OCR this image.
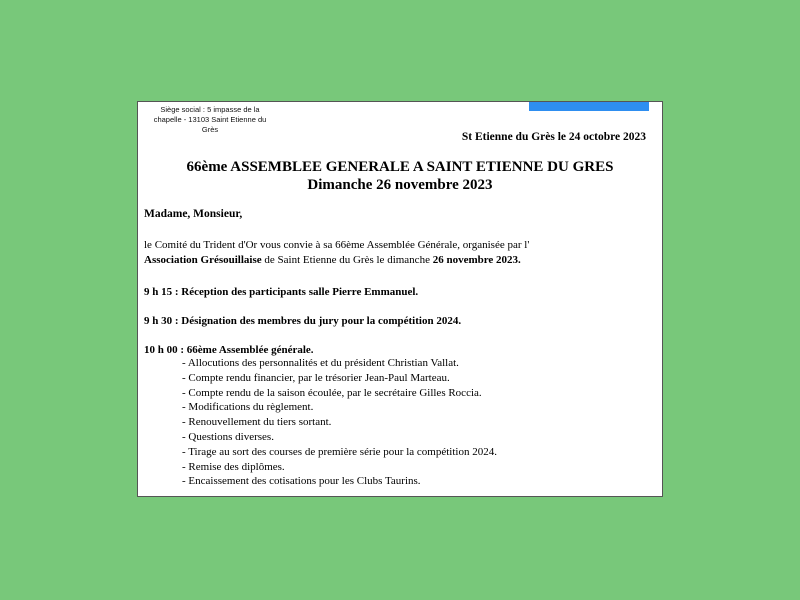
Siège social : 5 impasse de la
chapelle - 13103 Saint Etienne du
Grès
St Etienne du Grès le 24 octobre 2023
66ème ASSEMBLEE GENERALE A SAINT ETIENNE DU GRES
Dimanche 26 novembre 2023
Madame, Monsieur,
le Comité du Trident d'Or vous convie à sa 66ème Assemblée Générale, organisée par l'
Association Grésouillaise de Saint Etienne du Grès le dimanche 26 novembre 2023.
9 h 15 : Réception des participants salle Pierre Emmanuel.
9 h 30 : Désignation des membres du jury pour la compétition 2024.
10 h 00 : 66ème Assemblée générale.
- Allocutions des personnalités et du président Christian Vallat.
- Compte rendu financier, par le trésorier Jean-Paul Marteau.
- Compte rendu de la saison écoulée, par le secrétaire Gilles Roccia.
- Modifications du règlement.
- Renouvellement du tiers sortant.
- Questions diverses.
- Tirage au sort des courses de première série pour la compétition 2024.
- Remise des diplômes.
- Encaissement des cotisations pour les Clubs Taurins.
